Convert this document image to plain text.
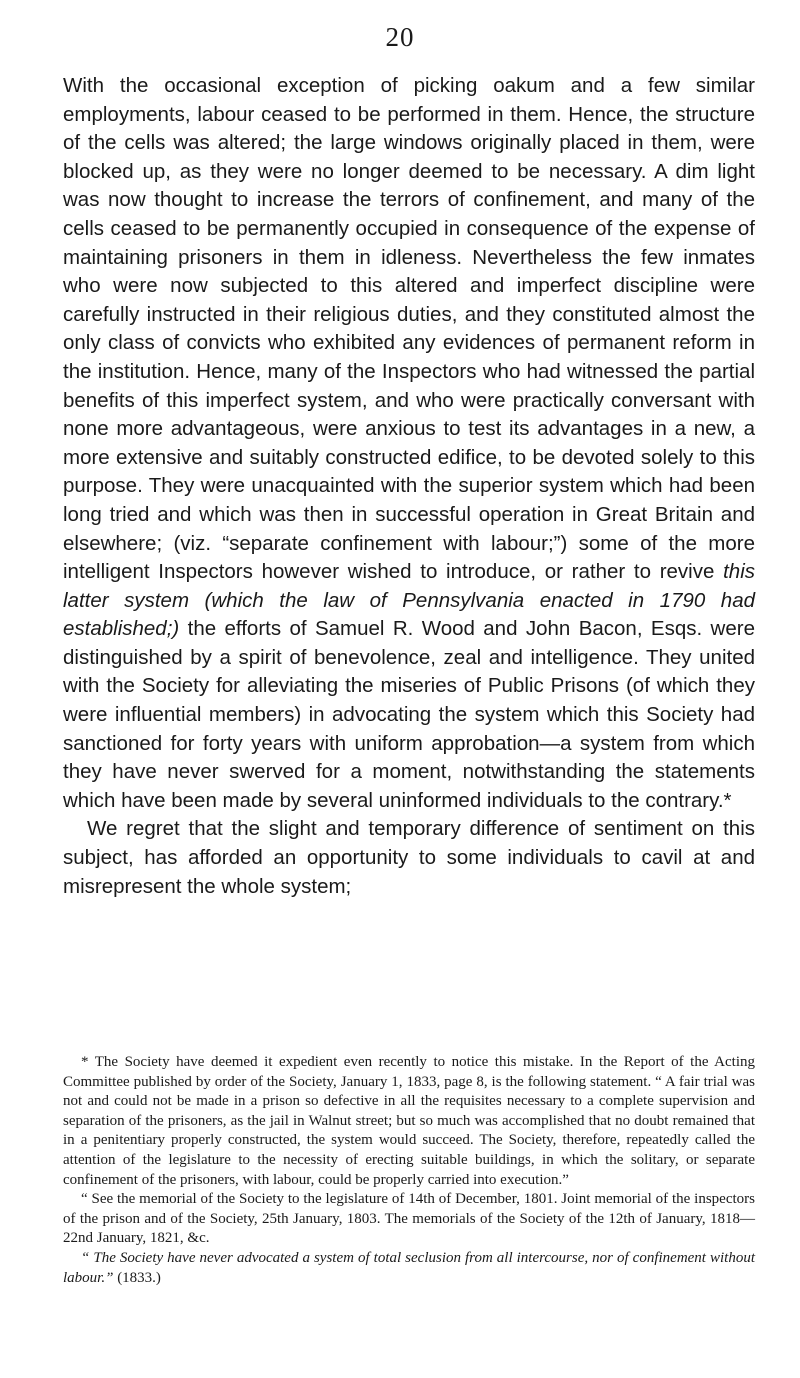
20

With the occasional exception of picking oakum and a few similar employments, labour ceased to be performed in them. Hence, the structure of the cells was altered; the large windows originally placed in them, were blocked up, as they were no longer deemed to be necessary. A dim light was now thought to increase the terrors of confinement, and many of the cells ceased to be permanently occupied in consequence of the expense of maintaining prisoners in them in idleness. Nevertheless the few inmates who were now subjected to this altered and imperfect discipline were carefully instructed in their religious duties, and they constituted almost the only class of convicts who exhibited any evidences of permanent reform in the institution. Hence, many of the Inspectors who had witnessed the partial benefits of this imperfect system, and who were practically conversant with none more advantageous, were anxious to test its advantages in a new, a more extensive and suitably constructed edifice, to be devoted solely to this purpose. They were unacquainted with the superior system which had been long tried and which was then in successful operation in Great Britain and elsewhere; (viz. “separate confinement with labour;”) some of the more intelligent Inspectors however wished to introduce, or rather to revive this latter system (which the law of Pennsylvania enacted in 1790 had established;) the efforts of Samuel R. Wood and John Bacon, Esqs. were distinguished by a spirit of benevolence, zeal and intelligence. They united with the Society for alleviating the miseries of Public Prisons (of which they were influential members) in advocating the system which this Society had sanctioned for forty years with uniform approbation—a system from which they have never swerved for a moment, notwithstanding the statements which have been made by several uninformed individuals to the contrary.*

We regret that the slight and temporary difference of sentiment on this subject, has afforded an opportunity to some individuals to cavil at and misrepresent the whole system;

* The Society have deemed it expedient even recently to notice this mistake. In the Report of the Acting Committee published by order of the Society, January 1, 1833, page 8, is the following statement. “ A fair trial was not and could not be made in a prison so defective in all the requisites necessary to a complete supervision and separation of the prisoners, as the jail in Walnut street; but so much was accomplished that no doubt remained that in a penitentiary properly constructed, the system would succeed. The Society, therefore, repeatedly called the attention of the legislature to the necessity of erecting suitable buildings, in which the solitary, or separate confinement of the prisoners, with labour, could be properly carried into execution.”

“ See the memorial of the Society to the legislature of 14th of December, 1801. Joint memorial of the inspectors of the prison and of the Society, 25th January, 1803. The memorials of the Society of the 12th of January, 1818—22nd January, 1821, &c.

“ The Society have never advocated a system of total seclusion from all intercourse, nor of confinement without labour.” (1833.)
